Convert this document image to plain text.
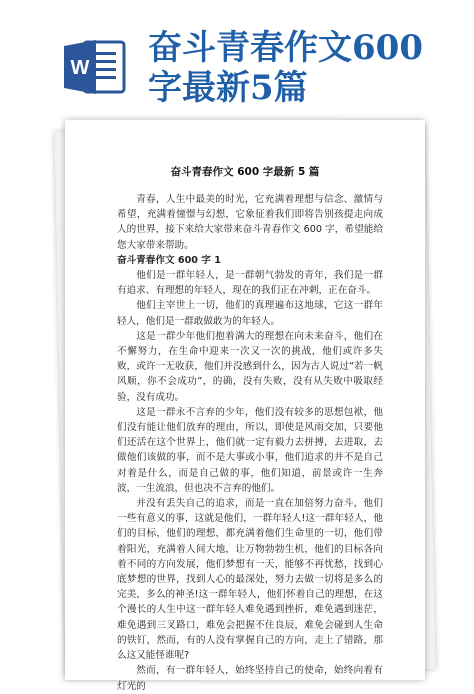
W 奋斗青春作文600字最新5篇
奋斗青春作文 600 字最新 5 篇

青春，人生中最美的时光，它充满着理想与信念、激情与希望，充满着憧憬与幻想，它象征着我们即将告别孩提走向成人的世界，接下来给大家带来奋斗青春作文 600 字，希望能给您大家带来帮助。

奋斗青春作文 600 字 1

他们是一群年轻人，是一群朝气勃发的青年，我们是一群有追求、有理想的年轻人，现在的我们正在冲刺，正在奋斗。

他们主宰世上一切，他们的真理遍布这地球，它这一群年轻人，他们是一群敢做敢为的年轻人。

这是一群少年他们抱着满大的理想在向未来奋斗，他们在不懈努力，在生命中迎来一次又一次的挑战，他们或许多失败，或许一无收获，他们并没感到什么，因为古人说过“若一帆风顺，你不会成功”，的确，没有失败，没有从失败中吸取经验，没有成功。

这是一群永不言弃的少年，他们没有较多的思想包袱，他们没有能让他们放弃的理由，所以，即使是风雨交加，只要他们还活在这个世界上，他们就一定有毅力去拼搏，去进取，去做他们该做的事，而不是大事或小事，他们追求的并不是自己对着是什么，而是自己做的事，他们知道，前景或许一生奔波，一生流浪，但也决不言弃的他们。

并没有丢失自己的追求，而是一直在加倍努力奋斗，他们一些有意义的事，这就是他们，一群年轻人!这一群年轻人，他们的目标，他们的理想，都充满着他们生命里的一切，他们带着阳光，充满着人间大地，让万物勃勃生机，他们的目标各向着不同的方向发展，他们梦想有一天，能够不再忧愁，找到心底梦想的世界，找到人心的最深处，努力去做一切将是多么的完美，多么的神圣!这一群年轻人，他们怀着自己的理想，在这个漫长的人生中这一群年轻人难免遇到挫折，难免遇到迷茫，难免遇到三叉路口，难免会把握不住良辰，难免会碰到人生命的铁钉，然而，有的人没有掌握自己的方向，走上了错路，那么这又能怪谁呢?

然而，有一群年轻人，始终坚持自己的使命，始终向着有灯光的
